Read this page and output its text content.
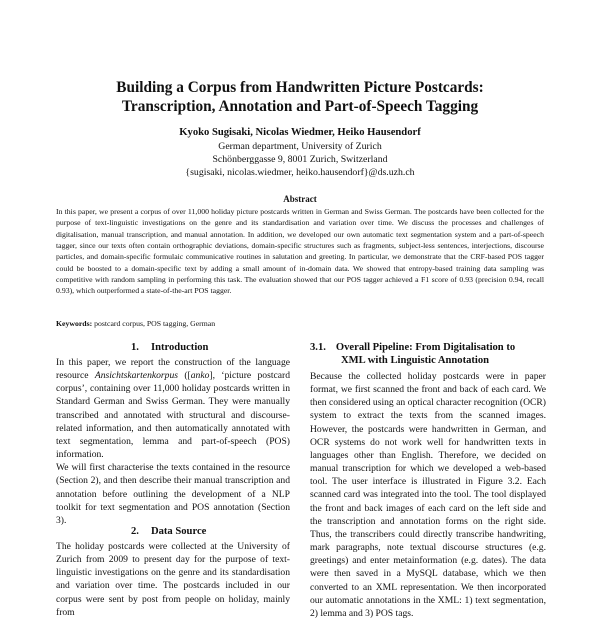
Building a Corpus from Handwritten Picture Postcards:
Transcription, Annotation and Part-of-Speech Tagging
Kyoko Sugisaki, Nicolas Wiedmer, Heiko Hausendorf
German department, University of Zurich
Schönberggasse 9, 8001 Zurich, Switzerland
{sugisaki, nicolas.wiedmer, heiko.hausendorf}@ds.uzh.ch
Abstract

In this paper, we present a corpus of over 11,000 holiday picture postcards written in German and Swiss German. The postcards have been collected for the purpose of text-linguistic investigations on the genre and its standardisation and variation over time. We discuss the processes and challenges of digitalisation, manual transcription, and manual annotation. In addition, we developed our own automatic text segmentation system and a part-of-speech tagger, since our texts often contain orthographic deviations, domain-specific structures such as fragments, subject-less sentences, interjections, discourse particles, and domain-specific formulaic communicative routines in salutation and greeting. In particular, we demonstrate that the CRF-based POS tagger could be boosted to a domain-specific text by adding a small amount of in-domain data. We showed that entropy-based training data sampling was competitive with random sampling in performing this task. The evaluation showed that our POS tagger achieved a F1 score of 0.93 (precision 0.94, recall 0.93), which outperformed a state-of-the-art POS tagger.

Keywords: postcard corpus, POS tagging, German

1. Introduction

In this paper, we report the construction of the language resource Ansichtskartenkorpus ([anko], ‘picture postcard corpus’, containing over 11,000 holiday postcards written in Standard German and Swiss German. They were manually transcribed and annotated with structural and discourse-related information, and then automatically annotated with text segmentation, lemma and part-of-speech (POS) information.

We will first characterise the texts contained in the resource (Section 2), and then describe their manual transcription and annotation before outlining the development of a NLP toolkit for text segmentation and POS annotation (Section 3).

2. Data Source

The holiday postcards were collected at the University of Zurich from 2009 to present day for the purpose of text-linguistic investigations on the genre and its standardisation and variation over time. The postcards included in our corpus were sent by post from people on holiday, mainly from

3.1. Overall Pipeline: From Digitalisation to
XML with Linguistic Annotation

Because the collected holiday postcards were in paper format, we first scanned the front and back of each card. We then considered using an optical character recognition (OCR) system to extract the texts from the scanned images. However, the postcards were handwritten in German, and OCR systems do not work well for handwritten texts in languages other than English. Therefore, we decided on manual transcription for which we developed a web-based tool. The user interface is illustrated in Figure 3.2. Each scanned card was integrated into the tool. The tool displayed the front and back images of each card on the left side and the transcription and annotation forms on the right side. Thus, the transcribers could directly transcribe handwriting, mark paragraphs, note textual discourse structures (e.g. greetings) and enter metainformation (e.g. dates). The data were then saved in a MySQL database, which we then converted to an XML representation. We then incorporated our automatic annotations in the XML: 1) text segmentation, 2) lemma and 3) POS tags.
